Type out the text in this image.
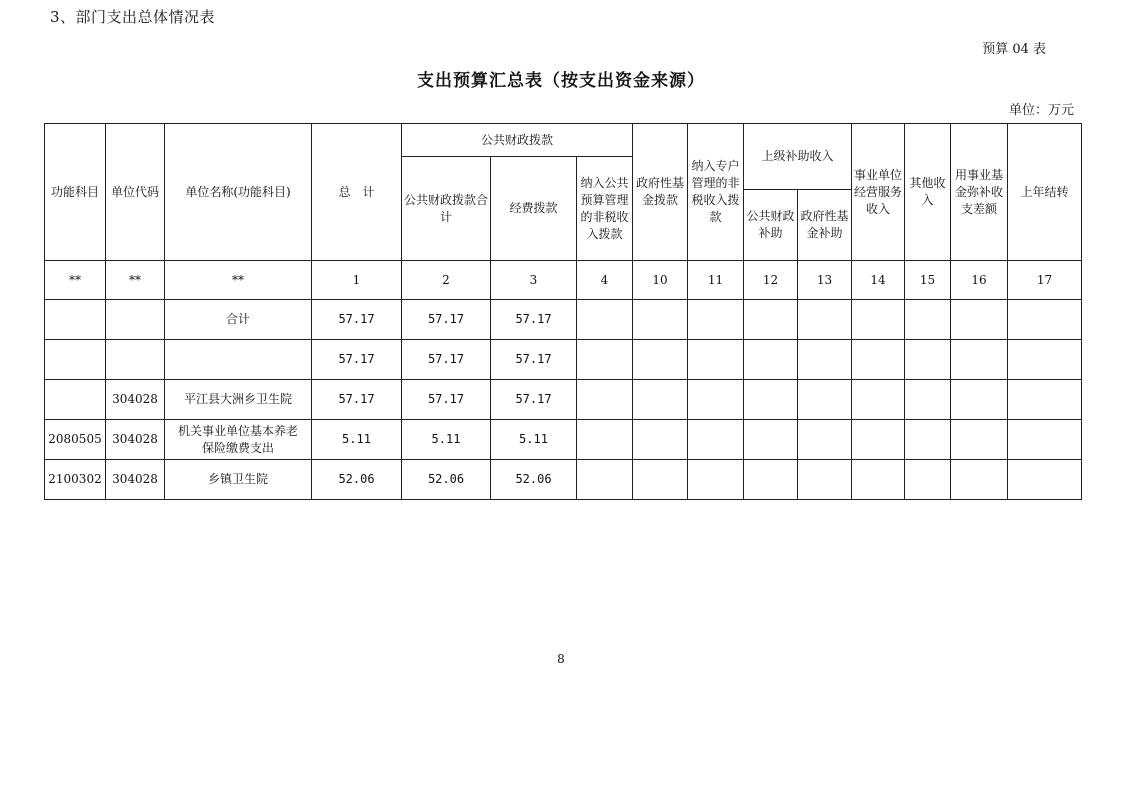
3、部门支出总体情况表
预算 04 表
支出预算汇总表（按支出资金来源）
单位：万元
功能科目	单位代码	单位名称(功能科目)	总　计	公共财政拨款			政府性基金拨款	纳入专户管理的非税收入拨款	上级补助收入		事业单位经营服务收入	其他收入	用事业基金弥补收支差额	上年结转
				公共财政拨款合计	经费拨款	纳入公共预算管理的非税收入拨款								
									公共财政补助	政府性基金补助				
**	**	**	1	2	3	4	10	11	12	13	14	15	16	17
		合计	57.17	57.17	57.17									
			57.17	57.17	57.17									
	304028	平江县大洲乡卫生院	57.17	57.17	57.17									
2080505	304028	机关事业单位基本养老保险缴费支出	5.11	5.11	5.11									
2100302	304028	乡镇卫生院	52.06	52.06	52.06									
8
